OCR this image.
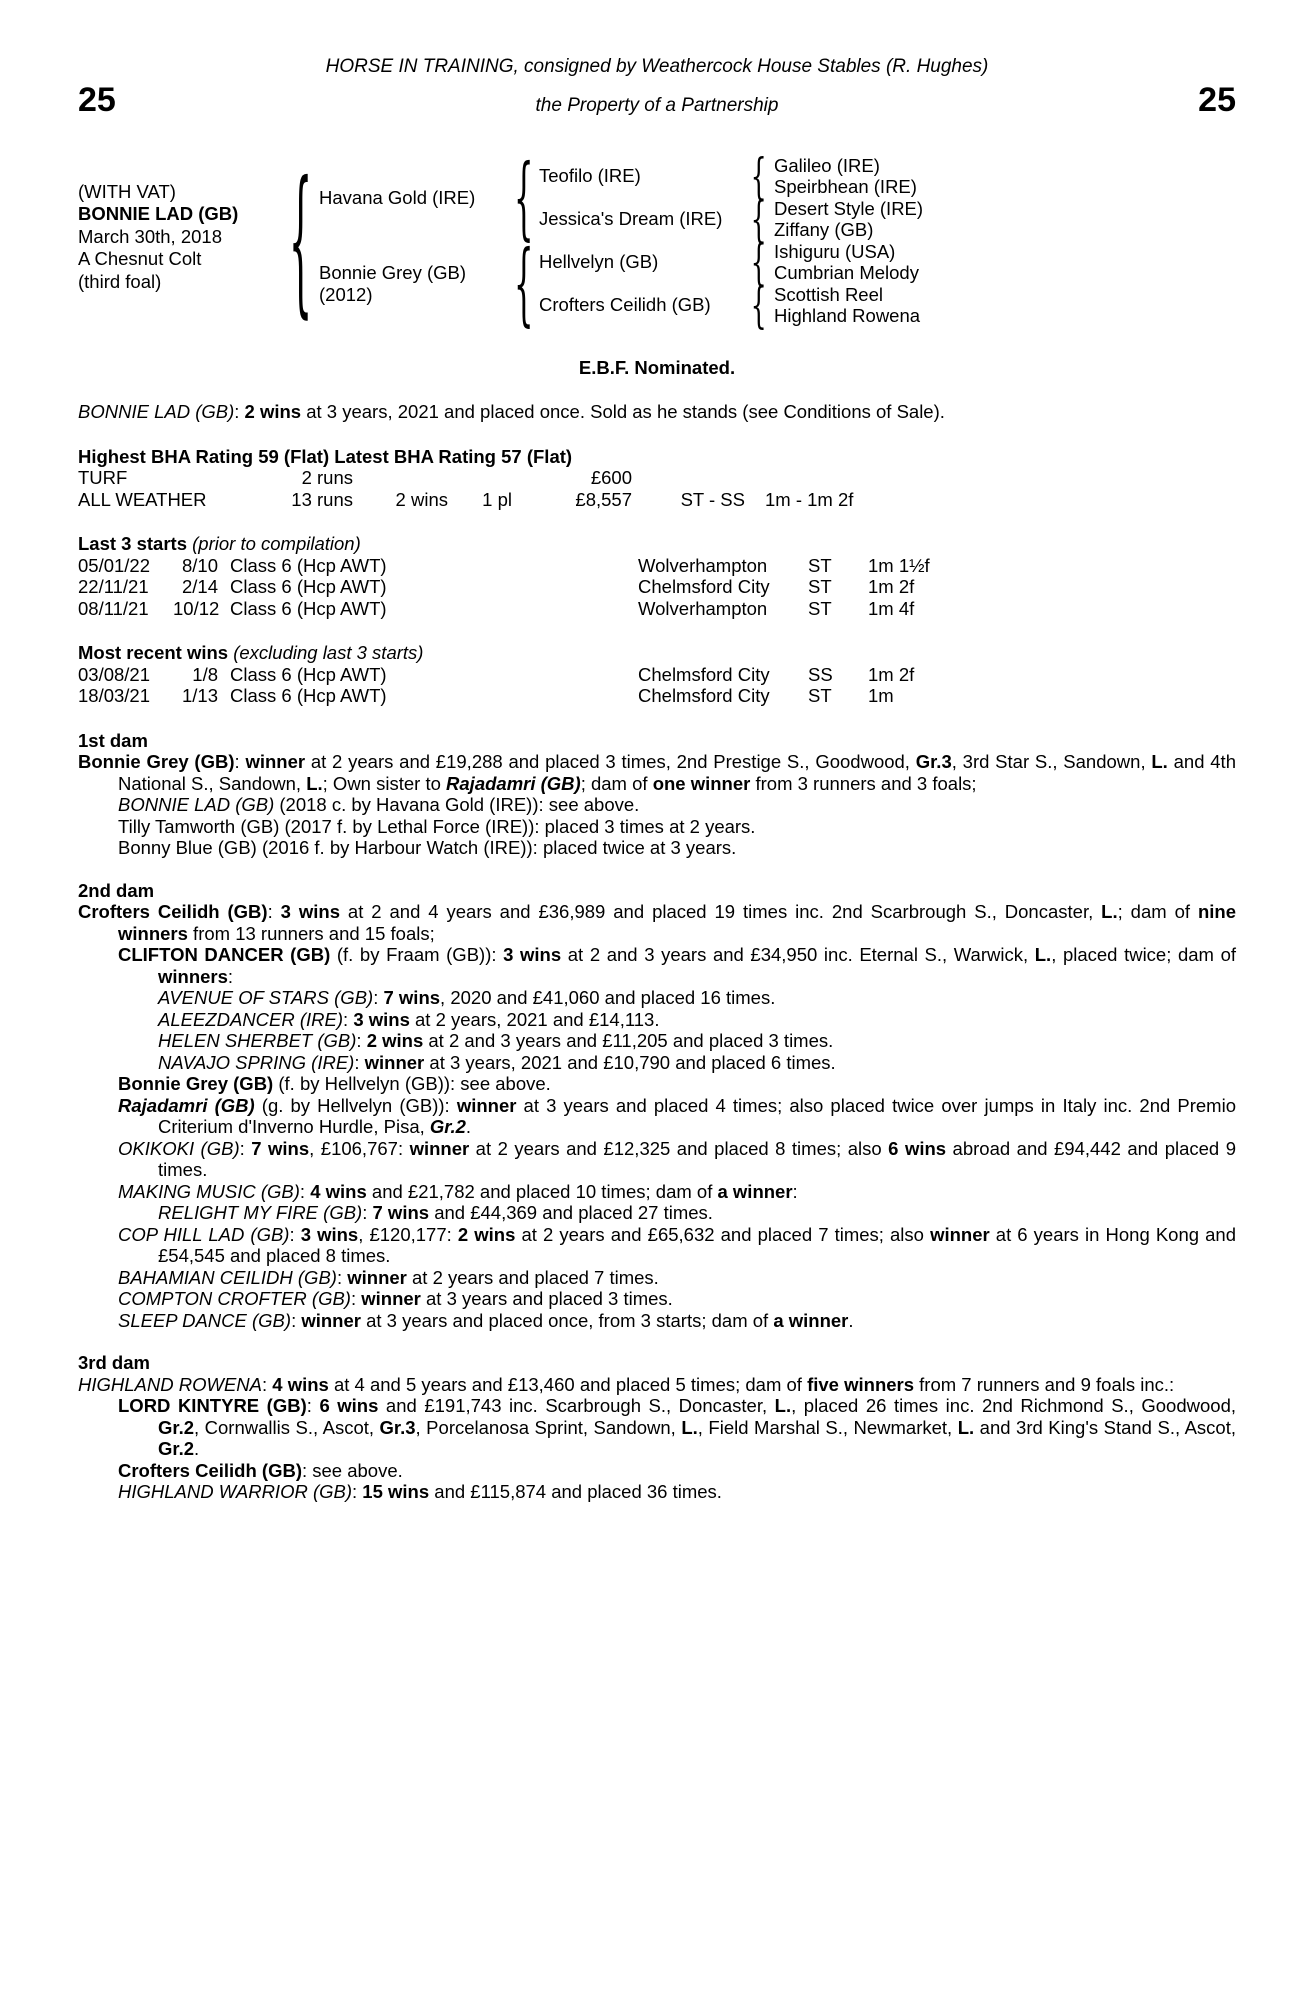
HORSE IN TRAINING, consigned by Weathercock House Stables (R. Hughes)
25	the Property of a Partnership	25
(WITH VAT)
BONNIE LAD (GB)
March 30th, 2018
A Chesnut Colt
(third foal)
{
Havana Gold (IRE)
Bonnie Grey (GB)
(2012)
{
{
Teofilo (IRE)
Jessica's Dream (IRE)
Hellvelyn (GB)
Crofters Ceilidh (GB)
{
{
{
{
Galileo (IRE)
Speirbhean (IRE)
Desert Style (IRE)
Ziffany (GB)
Ishiguru (USA)
Cumbrian Melody
Scottish Reel
Highland Rowena
E.B.F. Nominated.
BONNIE LAD (GB): 2 wins at 3 years, 2021 and placed once. Sold as he stands (see Conditions of Sale).
Highest BHA Rating 59 (Flat) Latest BHA Rating 57 (Flat)
TURF	2 runs	£600
ALL WEATHER	13 runs	2 wins	1 pl	£8,557	ST - SS	1m - 1m 2f
Last 3 starts (prior to compilation)
05/01/22	8/10 Class 6 (Hcp AWT)	Wolverhampton	ST	1m 1½f
22/11/21	2/14 Class 6 (Hcp AWT)	Chelmsford City	ST	1m 2f
08/11/21	10/12 Class 6 (Hcp AWT)	Wolverhampton	ST	1m 4f
Most recent wins (excluding last 3 starts)
03/08/21	1/8 Class 6 (Hcp AWT)	Chelmsford City	SS	1m 2f
18/03/21	1/13 Class 6 (Hcp AWT)	Chelmsford City	ST	1m
1st dam
Bonnie Grey (GB): winner at 2 years and £19,288 and placed 3 times, 2nd Prestige S., Goodwood, Gr.3, 3rd Star S., Sandown, L. and 4th National S., Sandown, L.; Own sister to Rajadamri (GB); dam of one winner from 3 runners and 3 foals;
BONNIE LAD (GB) (2018 c. by Havana Gold (IRE)): see above.
Tilly Tamworth (GB) (2017 f. by Lethal Force (IRE)): placed 3 times at 2 years.
Bonny Blue (GB) (2016 f. by Harbour Watch (IRE)): placed twice at 3 years.
2nd dam
Crofters Ceilidh (GB): 3 wins at 2 and 4 years and £36,989 and placed 19 times inc. 2nd Scarbrough S., Doncaster, L.; dam of nine winners from 13 runners and 15 foals;
CLIFTON DANCER (GB) (f. by Fraam (GB)): 3 wins at 2 and 3 years and £34,950 inc. Eternal S., Warwick, L., placed twice; dam of winners:
AVENUE OF STARS (GB): 7 wins, 2020 and £41,060 and placed 16 times.
ALEEZDANCER (IRE): 3 wins at 2 years, 2021 and £14,113.
HELEN SHERBET (GB): 2 wins at 2 and 3 years and £11,205 and placed 3 times.
NAVAJO SPRING (IRE): winner at 3 years, 2021 and £10,790 and placed 6 times.
Bonnie Grey (GB) (f. by Hellvelyn (GB)): see above.
Rajadamri (GB) (g. by Hellvelyn (GB)): winner at 3 years and placed 4 times; also placed twice over jumps in Italy inc. 2nd Premio Criterium d'Inverno Hurdle, Pisa, Gr.2.
OKIKOKI (GB): 7 wins, £106,767: winner at 2 years and £12,325 and placed 8 times; also 6 wins abroad and £94,442 and placed 9 times.
MAKING MUSIC (GB): 4 wins and £21,782 and placed 10 times; dam of a winner:
RELIGHT MY FIRE (GB): 7 wins and £44,369 and placed 27 times.
COP HILL LAD (GB): 3 wins, £120,177: 2 wins at 2 years and £65,632 and placed 7 times; also winner at 6 years in Hong Kong and £54,545 and placed 8 times.
BAHAMIAN CEILIDH (GB): winner at 2 years and placed 7 times.
COMPTON CROFTER (GB): winner at 3 years and placed 3 times.
SLEEP DANCE (GB): winner at 3 years and placed once, from 3 starts; dam of a winner.
3rd dam
HIGHLAND ROWENA: 4 wins at 4 and 5 years and £13,460 and placed 5 times; dam of five winners from 7 runners and 9 foals inc.:
LORD KINTYRE (GB): 6 wins and £191,743 inc. Scarbrough S., Doncaster, L., placed 26 times inc. 2nd Richmond S., Goodwood, Gr.2, Cornwallis S., Ascot, Gr.3, Porcelanosa Sprint, Sandown, L., Field Marshal S., Newmarket, L. and 3rd King's Stand S., Ascot, Gr.2.
Crofters Ceilidh (GB): see above.
HIGHLAND WARRIOR (GB): 15 wins and £115,874 and placed 36 times.
